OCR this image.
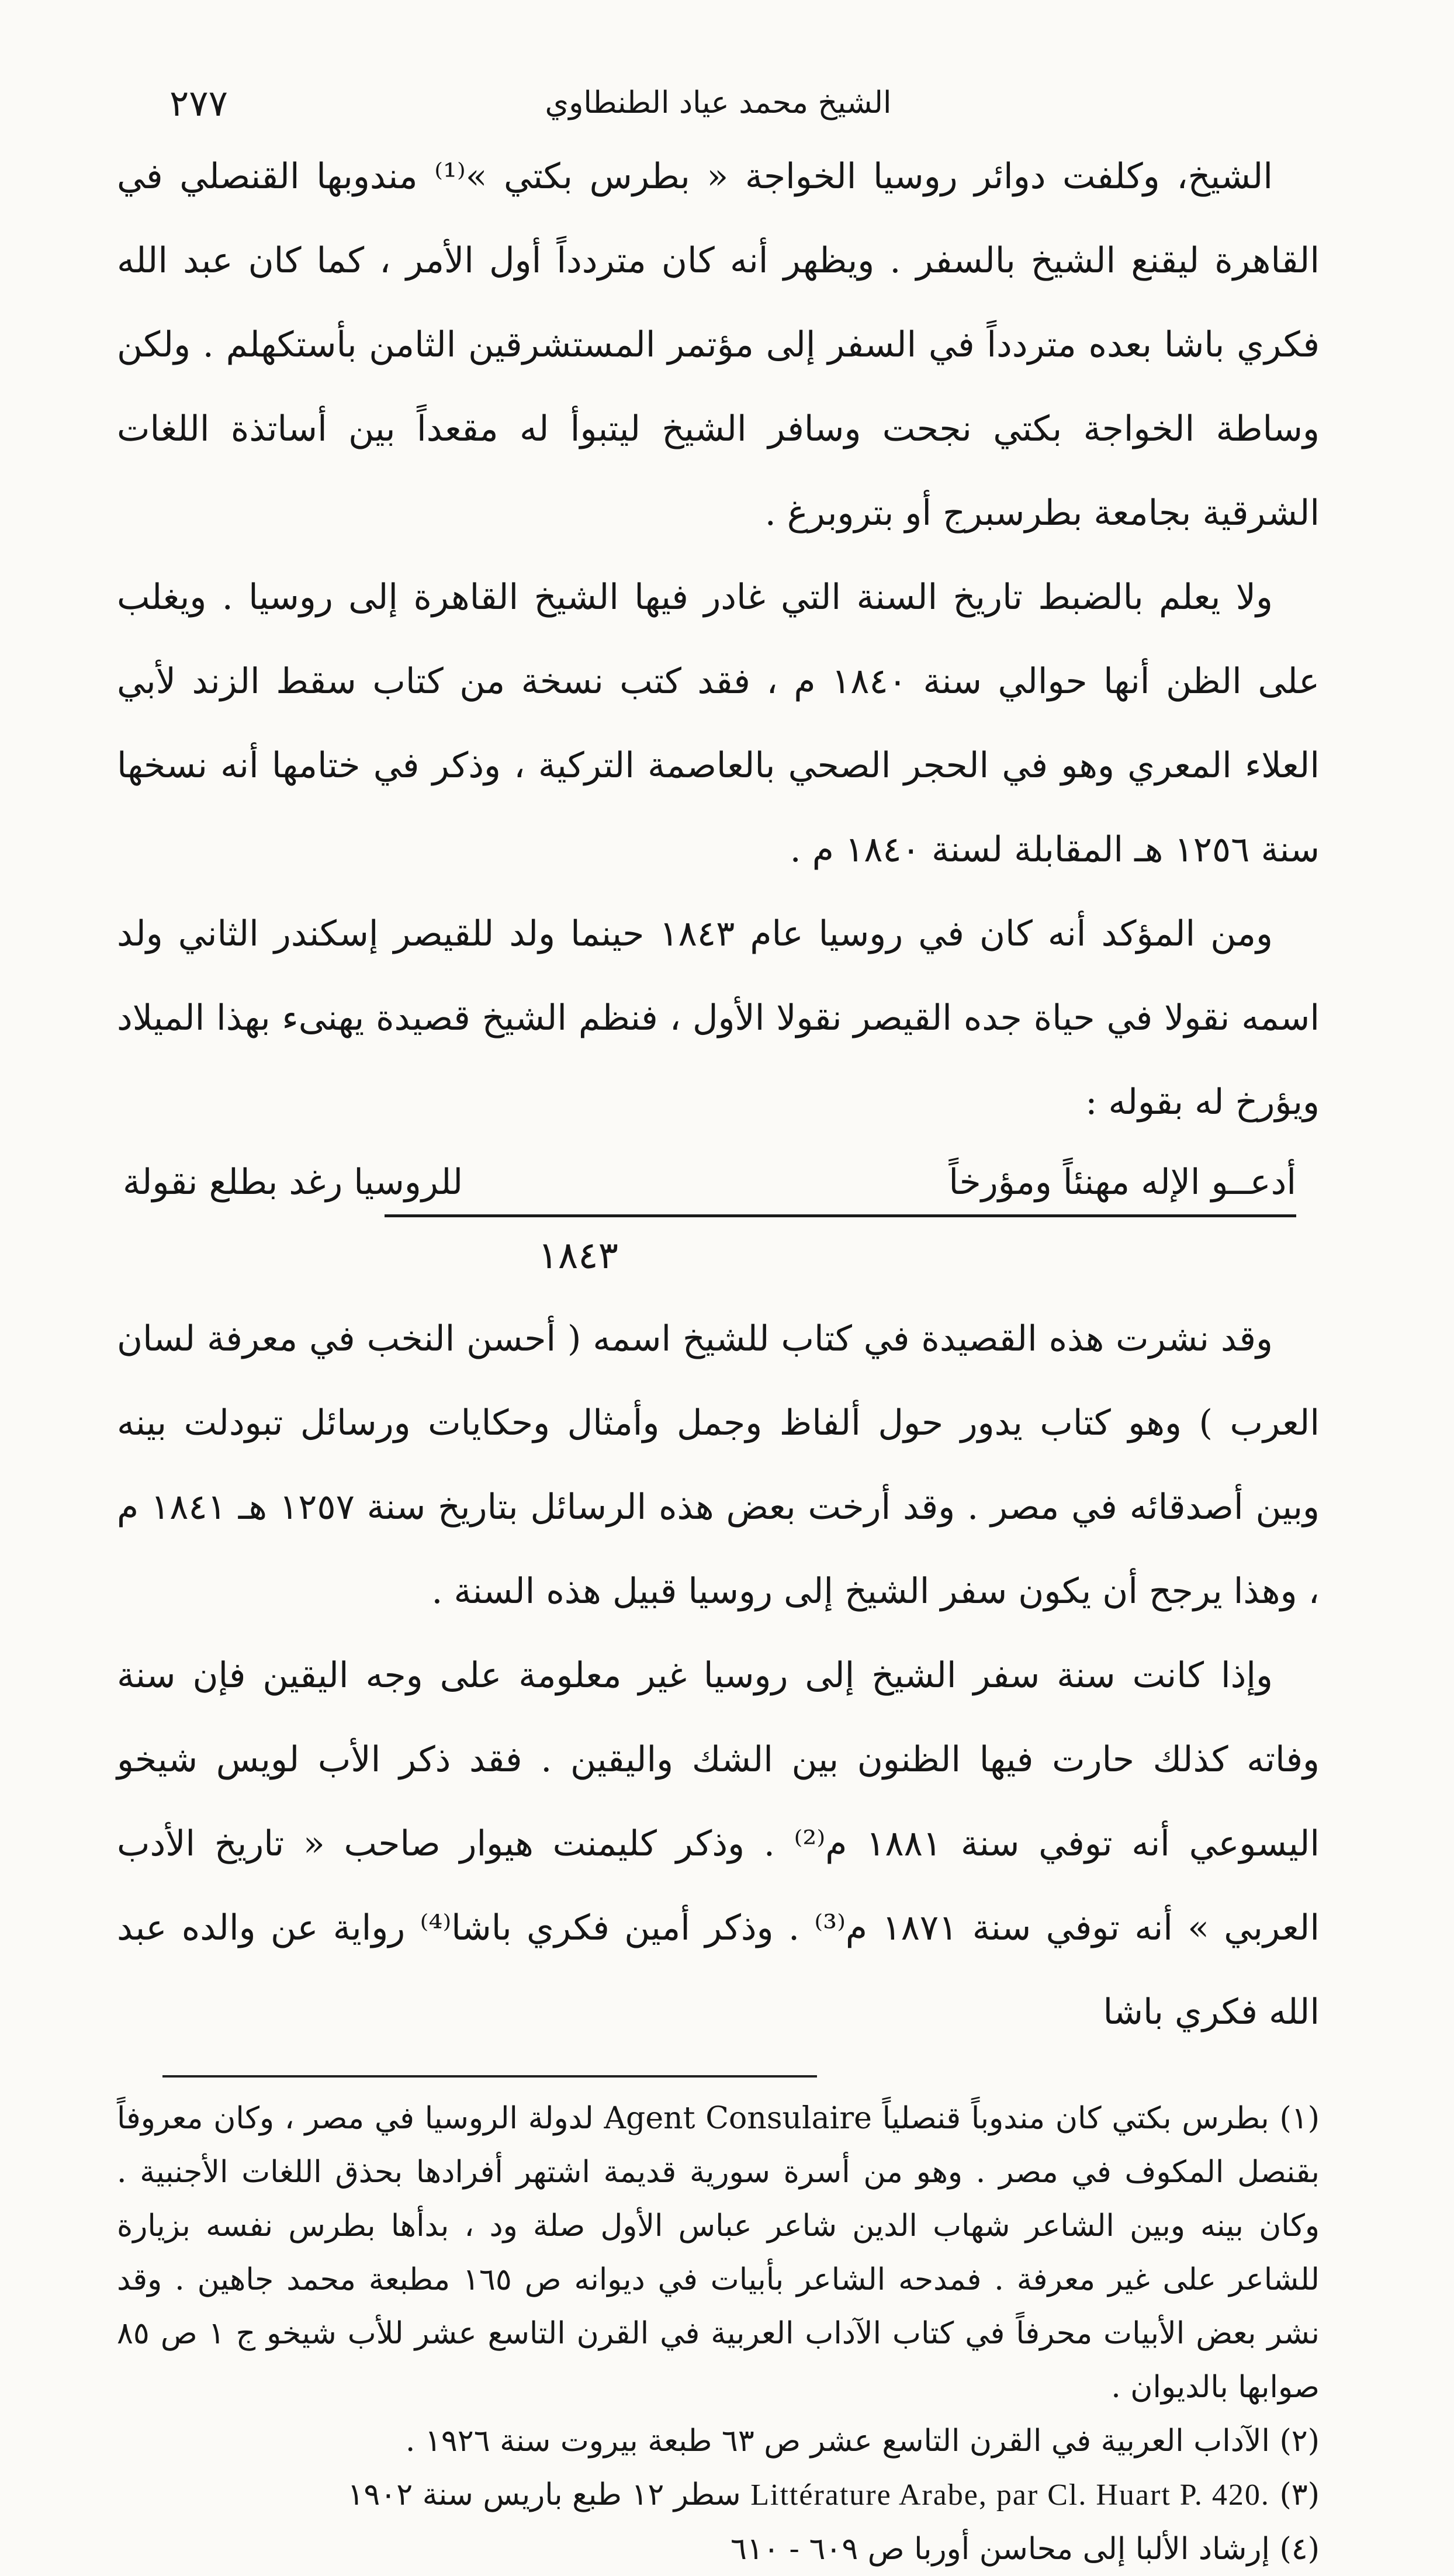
٢٧٧	الشيخ محمد عياد الطنطاوي

الشيخ، وكلفت دوائر روسيا الخواجة « بطرس بكتي »⁽¹⁾ مندوبها القنصلي في القاهرة ليقنع الشيخ بالسفر . ويظهر أنه كان متردداً أول الأمر ، كما كان عبد الله فكري باشا بعده متردداً في السفر إلى مؤتمر المستشرقين الثامن بأستكهلم . ولكن وساطة الخواجة بكتي نجحت وسافر الشيخ ليتبوأ له مقعداً بين أساتذة اللغات الشرقية بجامعة بطرسبرج أو بتروبرغ .

ولا يعلم بالضبط تاريخ السنة التي غادر فيها الشيخ القاهرة إلى روسيا . ويغلب على الظن أنها حوالي سنة ١٨٤٠ م ، فقد كتب نسخة من كتاب سقط الزند لأبي العلاء المعري وهو في الحجر الصحي بالعاصمة التركية ، وذكر في ختامها أنه نسخها سنة ١٢٥٦ هـ المقابلة لسنة ١٨٤٠ م .

ومن المؤكد أنه كان في روسيا عام ١٨٤٣ حينما ولد للقيصر إسكندر الثاني ولد اسمه نقولا في حياة جده القيصر نقولا الأول ، فنظم الشيخ قصيدة يهنىء بهذا الميلاد ويؤرخ له بقوله :

أدعــو الإله مهنئاً ومؤرخاً
للروسيا رغد بطلع نقولة
١٨٤٣

وقد نشرت هذه القصيدة في كتاب للشيخ اسمه ( أحسن النخب في معرفة لسان العرب ) وهو كتاب يدور حول ألفاظ وجمل وأمثال وحكايات ورسائل تبودلت بينه وبين أصدقائه في مصر . وقد أرخت بعض هذه الرسائل بتاريخ سنة ١٢٥٧ هـ ١٨٤١ م ، وهذا يرجح أن يكون سفر الشيخ إلى روسيا قبيل هذه السنة .

وإذا كانت سنة سفر الشيخ إلى روسيا غير معلومة على وجه اليقين فإن سنة وفاته كذلك حارت فيها الظنون بين الشك واليقين . فقد ذكر الأب لويس شيخو اليسوعي أنه توفي سنة ١٨٨١ م⁽²⁾ . وذكر كليمنت هيوار صاحب « تاريخ الأدب العربي » أنه توفي سنة ١٨٧١ م⁽³⁾ . وذكر أمين فكري باشا⁽⁴⁾ رواية عن والده عبد الله فكري باشا

(١) بطرس بكتي كان مندوباً قنصلياً Agent Consulaire لدولة الروسيا في مصر ، وكان معروفاً بقنصل المكوف في مصر . وهو من أسرة سورية قديمة اشتهر أفرادها بحذق اللغات الأجنبية . وكان بينه وبين الشاعر شهاب الدين شاعر عباس الأول صلة ود ، بدأها بطرس نفسه بزيارة للشاعر على غير معرفة . فمدحه الشاعر بأبيات في ديوانه ص ١٦٥ مطبعة محمد جاهين . وقد نشر بعض الأبيات محرفاً في كتاب الآداب العربية في القرن التاسع عشر للأب شيخو ج ١ ص ٨٥ صوابها بالديوان .

(٢) الآداب العربية في القرن التاسع عشر ص ٦٣ طبعة بيروت سنة ١٩٢٦ .

(٣) Littérature Arabe, par Cl. Huart P. 420. سطر ١٢ طبع باريس سنة ١٩٠٢

(٤) إرشاد الألبا إلى محاسن أوربا ص ٦٠٩ - ٦١٠
